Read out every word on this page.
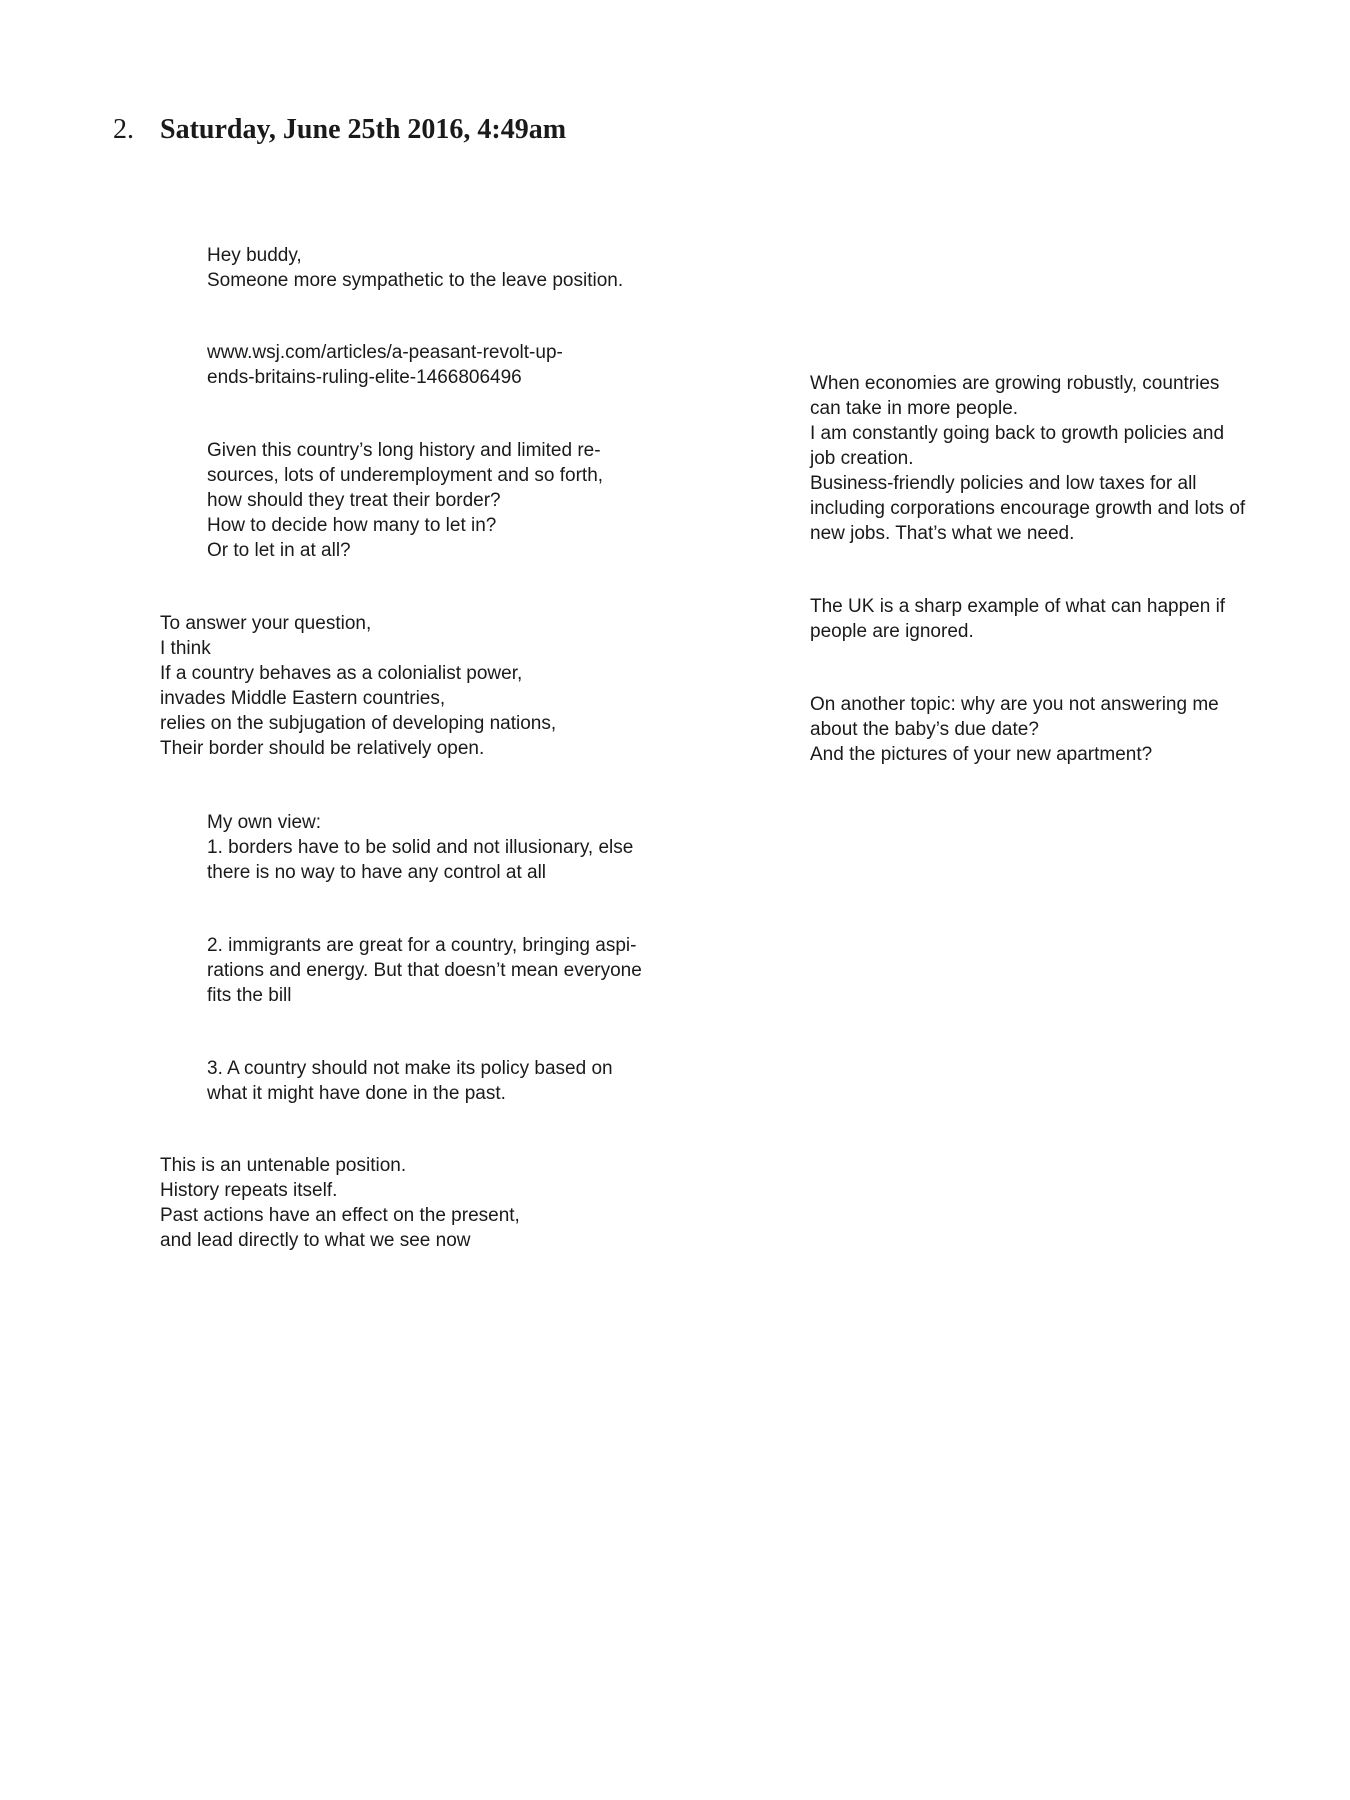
2. Saturday, June 25th 2016, 4:49am
Hey buddy,
Someone more sympathetic to the leave position.
www.wsj.com/articles/a-peasant-revolt-up-
ends-britains-ruling-elite-1466806496
Given this country’s long history and limited re-
sources, lots of underemployment and so forth,
how should they treat their border?
How to decide how many to let in?
Or to let in at all?
To answer your question,
I think
If a country behaves as a colonialist power,
invades Middle Eastern countries,
relies on the subjugation of developing nations,
Their border should be relatively open.
My own view:
1. borders have to be solid and not illusionary, else
there is no way to have any control at all
2. immigrants are great for a country, bringing aspi-
rations and energy. But that doesn’t mean everyone
fits the bill
3. A country should not make its policy based on
what it might have done in the past.
This is an untenable position.
History repeats itself.
Past actions have an effect on the present,
and lead directly to what we see now
When economies are growing robustly, countries
can take in more people.
I am constantly going back to growth policies and
job creation.
Business-friendly policies and low taxes for all
including corporations encourage growth and lots of
new jobs. That’s what we need.
The UK is a sharp example of what can happen if
people are ignored.
On another topic: why are you not answering me
about the baby’s due date?
And the pictures of your new apartment?
